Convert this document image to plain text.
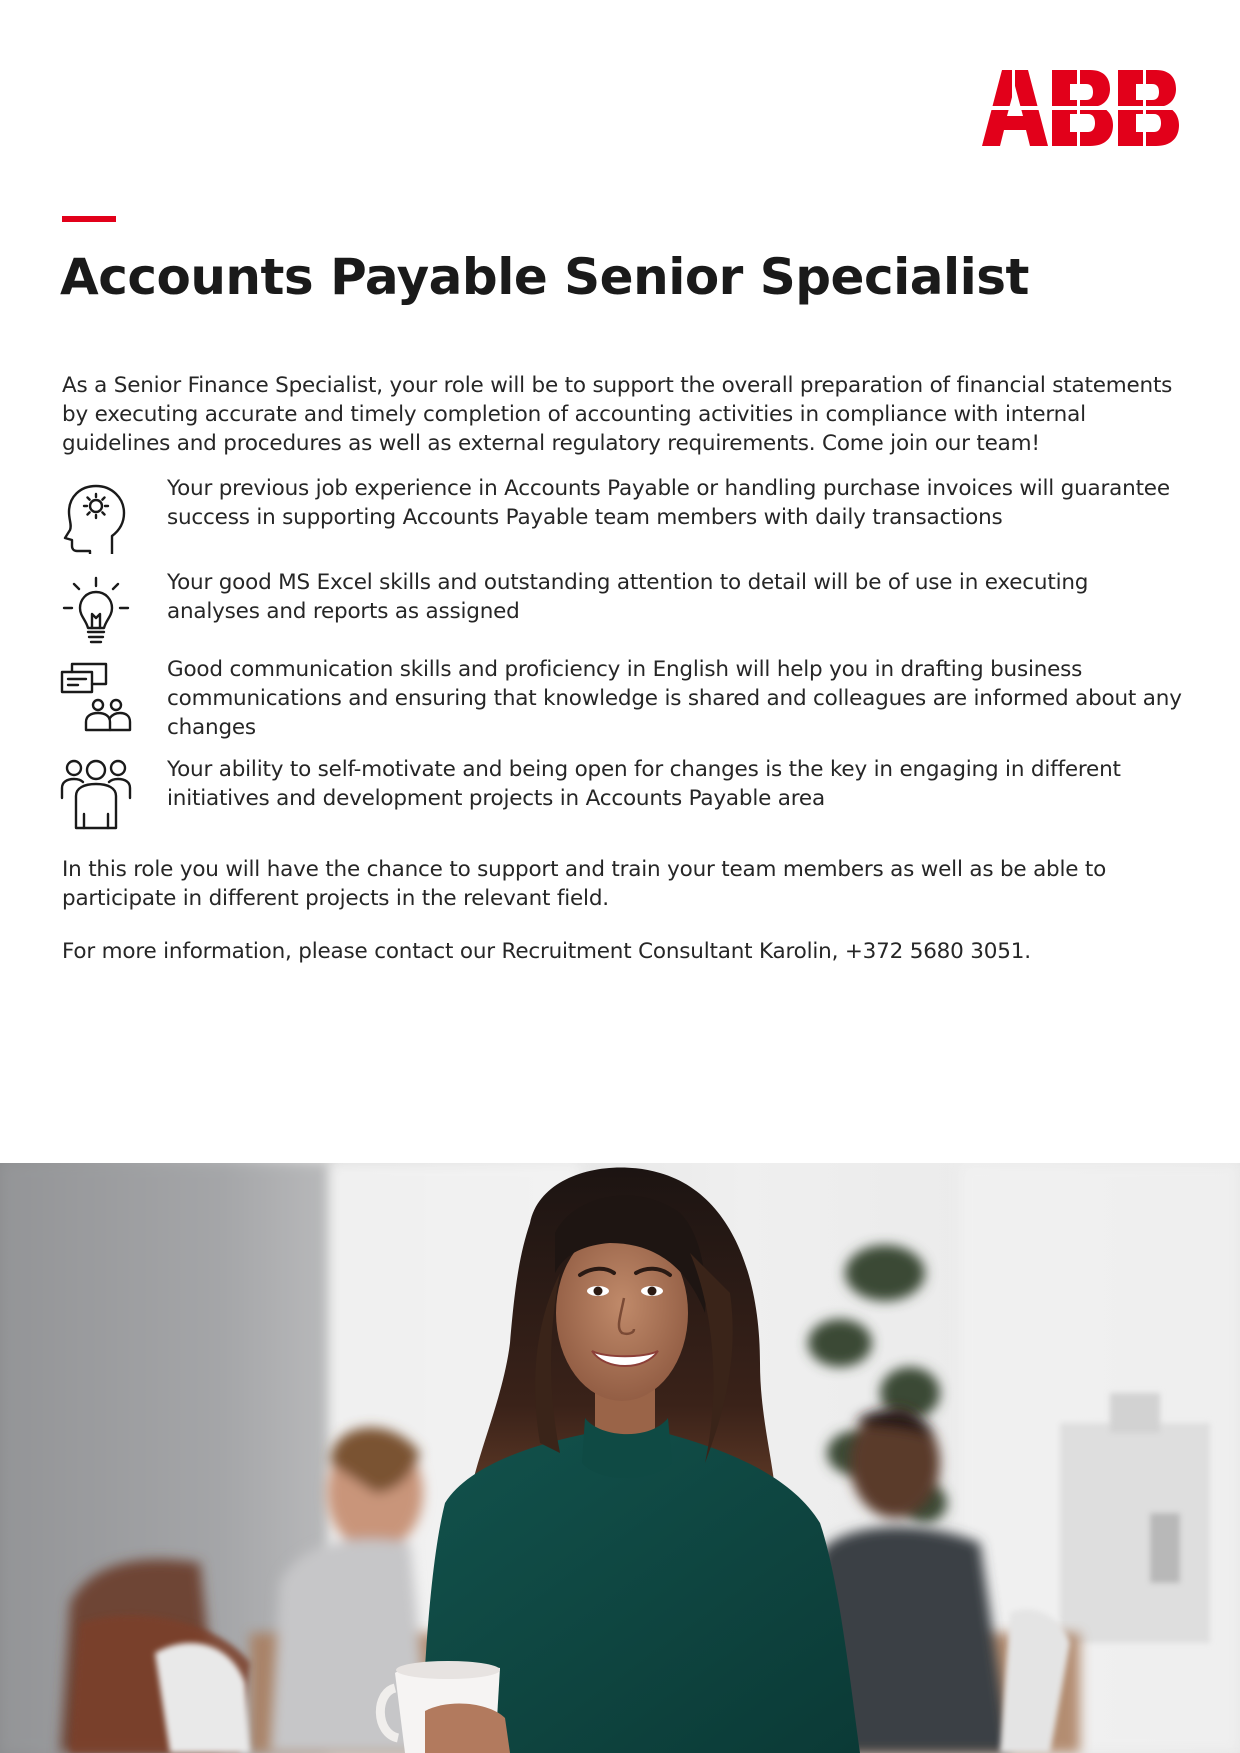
Accounts Payable Senior Specialist

As a Senior Finance Specialist, your role will be to support the overall preparation of financial statements by executing accurate and timely completion of accounting activities in compliance with internal guidelines and procedures as well as external regulatory requirements. Come join our team!

Your previous job experience in Accounts Payable or handling purchase invoices will guarantee success in supporting Accounts Payable team members with daily transactions

Your good MS Excel skills and outstanding attention to detail will be of use in executing analyses and reports as assigned

Good communication skills and proficiency in English will help you in drafting business communications and ensuring that knowledge is shared and colleagues are informed about any changes

Your ability to self-motivate and being open for changes is the key in engaging in different initiatives and development projects in Accounts Payable area

In this role you will have the chance to support and train your team members as well as be able to participate in different projects in the relevant field.

For more information, please contact our Recruitment Consultant Karolin, +372 5680 3051.
